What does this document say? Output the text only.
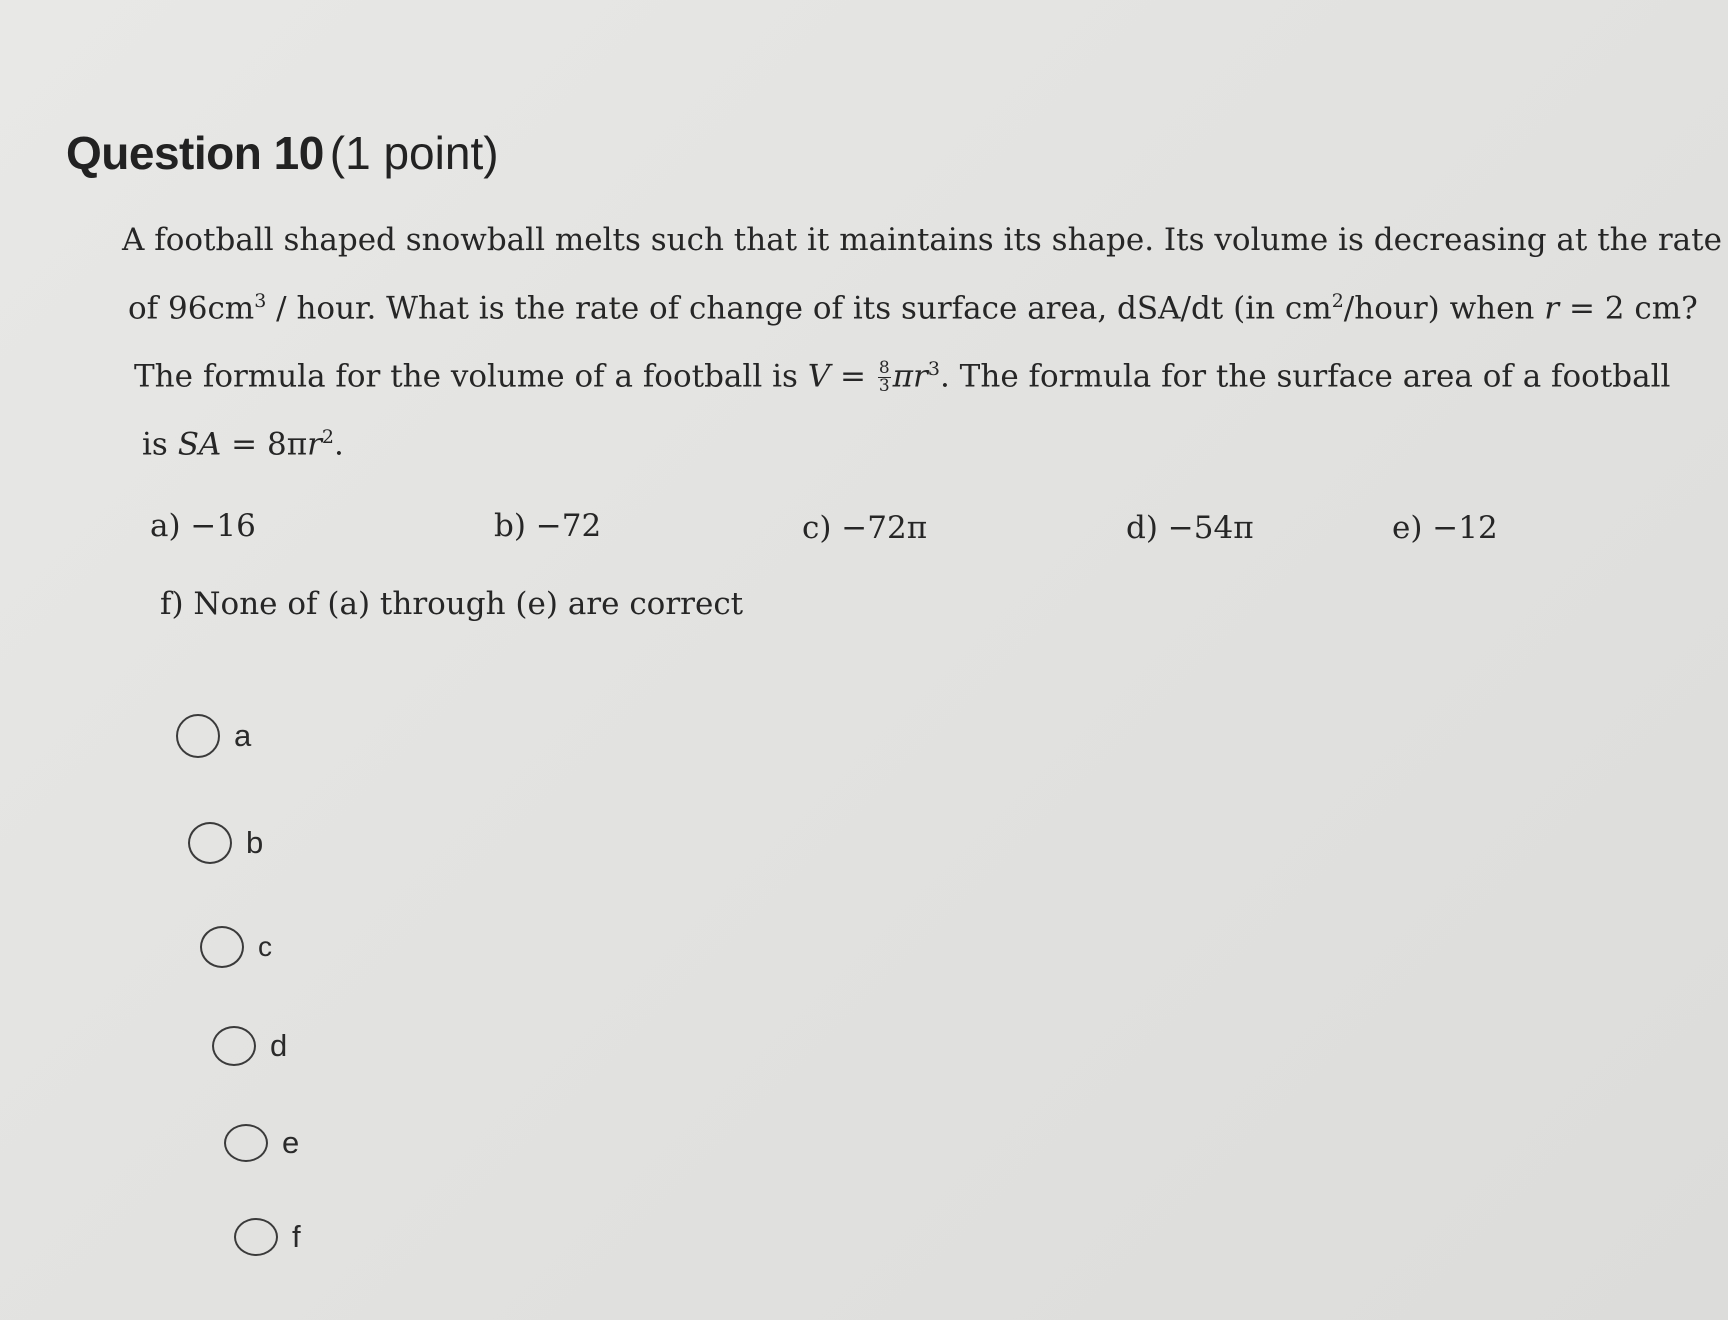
Question 10 (1 point)
A football shaped snowball melts such that it maintains its shape. Its volume is decreasing at the rate
of $96cm^3$ / hour. What is the rate of change of its surface area, dSA/dt (in $cm^2/hour$) when r = 2 cm?
The formula for the volume of a football is $V = \frac{8}{3} \pi r^3$. The formula for the surface area of a football
is SA = $8\pi r^2$.
a) −16	b) −72	c) −72π	d) −54π	e) −12
f) None of (a) through (e) are correct
a
b
c
d
e
f
